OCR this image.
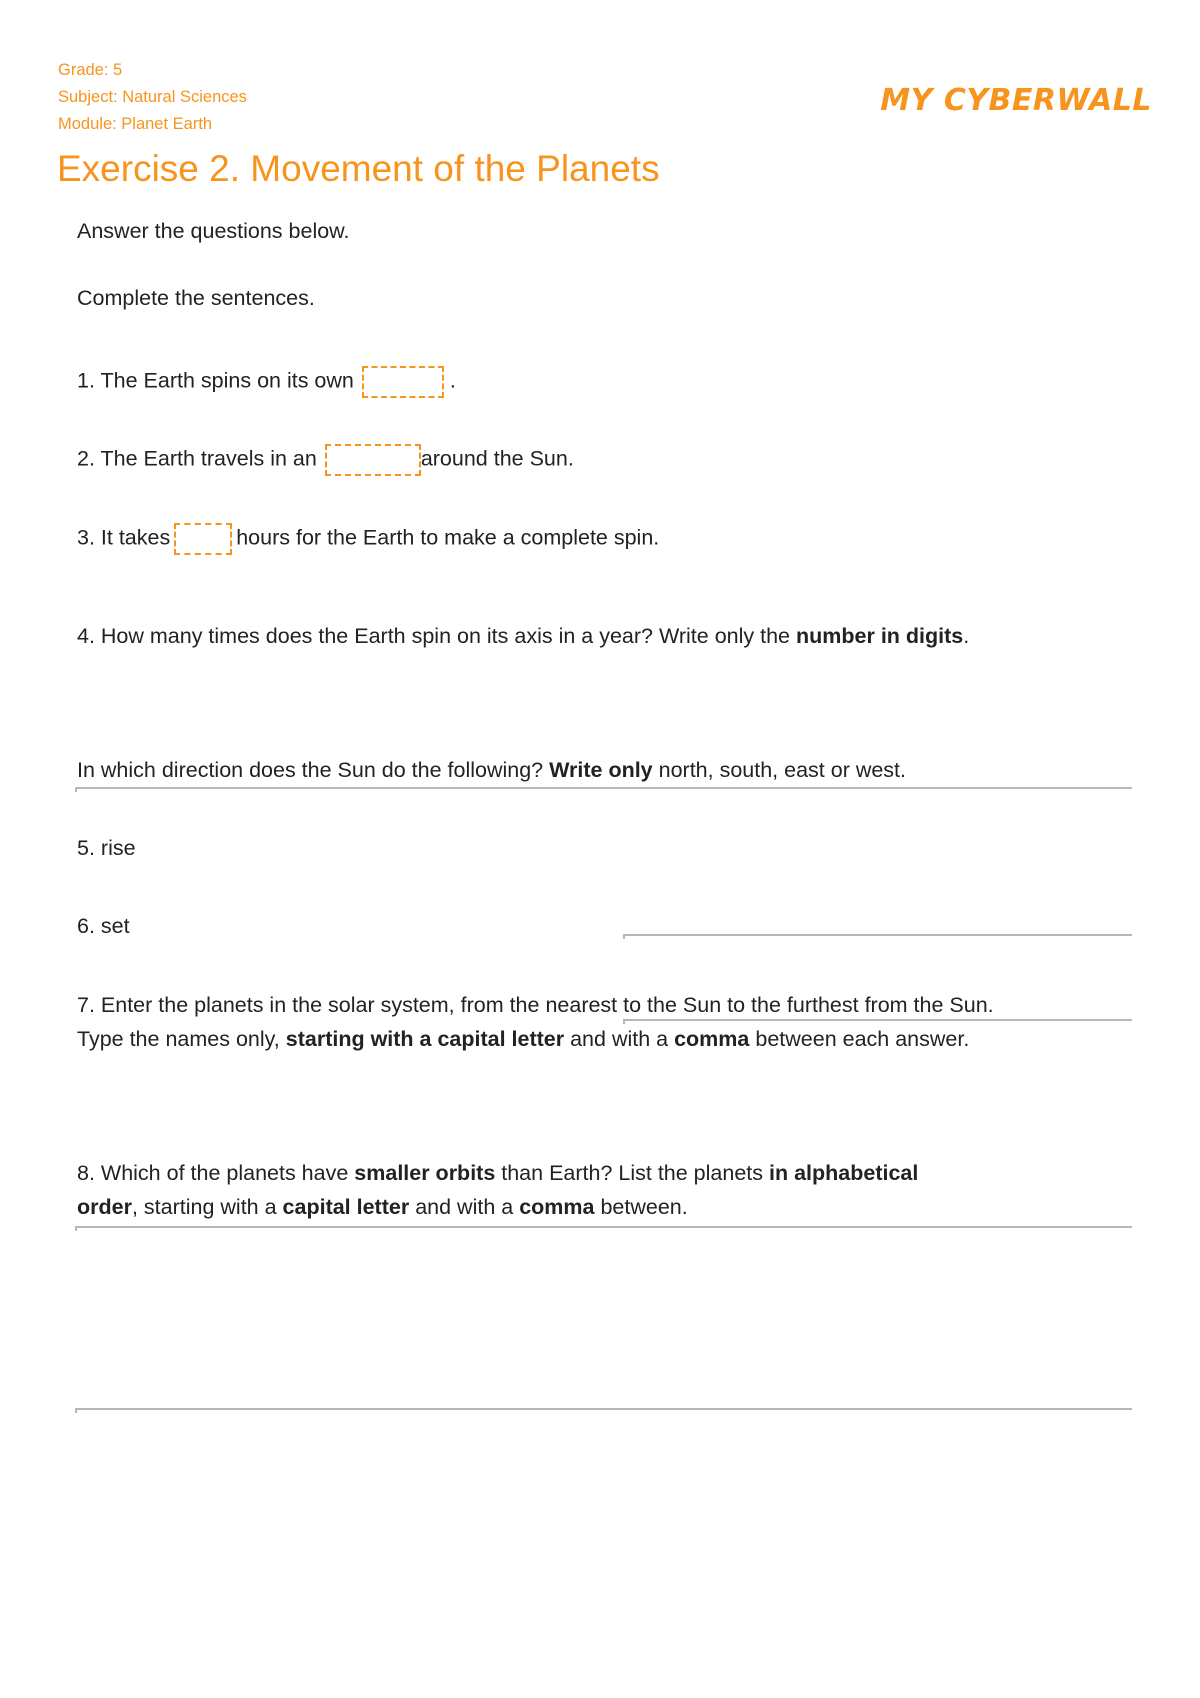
Grade: 5
Subject: Natural Sciences
Module: Planet Earth
MY CYBERWALL
Exercise 2. Movement of the Planets
Answer the questions below.
Complete the sentences.
1. The Earth spins on its own	.
2. The Earth travels in an	around the Sun.
3. It takes	hours for the Earth to make a complete spin.
4. How many times does the Earth spin on its axis in a year? Write only the number in digits.
In which direction does the Sun do the following? Write only north, south, east or west.
5. rise
6. set
7. Enter the planets in the solar system, from the nearest to the Sun to the furthest from the Sun.
Type the names only, starting with a capital letter and with a comma between each answer.
8. Which of the planets have smaller orbits than Earth? List the planets in alphabetical
order, starting with a capital letter and with a comma between.
